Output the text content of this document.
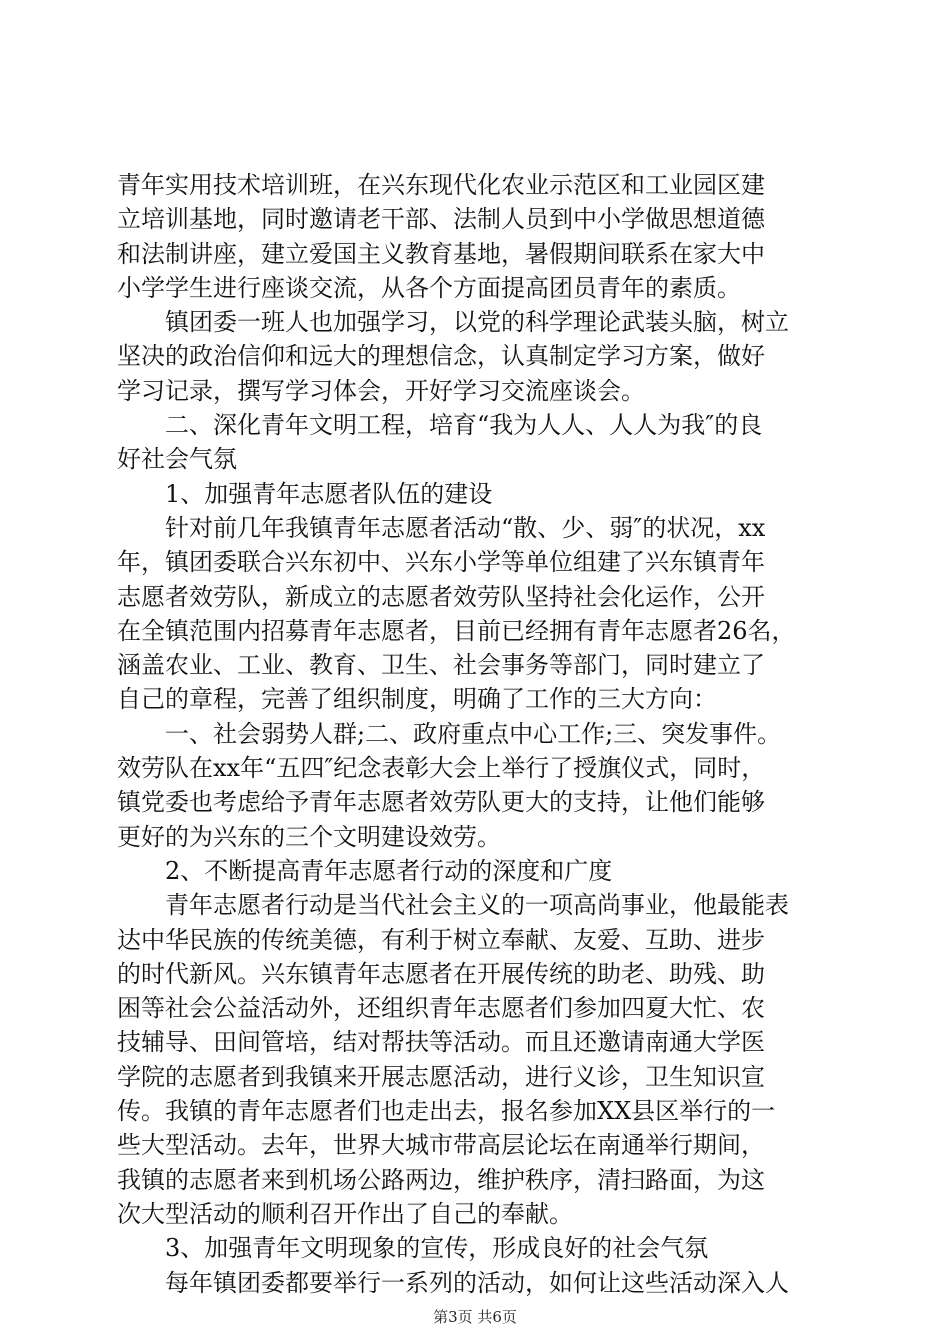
青年实用技术培训班，在兴东现代化农业示范区和工业园区建
立培训基地，同时邀请老干部、法制人员到中小学做思想道德
和法制讲座，建立爱国主义教育基地，暑假期间联系在家大中
小学学生进行座谈交流，从各个方面提高团员青年的素质。
镇团委一班人也加强学习，以党的科学理论武装头脑，树立
坚决的政治信仰和远大的理想信念，认真制定学习方案，做好
学习记录，撰写学习体会，开好学习交流座谈会。
二、深化青年文明工程，培育“我为人人、人人为我″的良
好社会气氛
1、加强青年志愿者队伍的建设
针对前几年我镇青年志愿者活动“散、少、弱″的状况，xx
年，镇团委联合兴东初中、兴东小学等单位组建了兴东镇青年
志愿者效劳队，新成立的志愿者效劳队坚持社会化运作，公开
在全镇范围内招募青年志愿者，目前已经拥有青年志愿者26名，
涵盖农业、工业、教育、卫生、社会事务等部门，同时建立了
自己的章程，完善了组织制度，明确了工作的三大方向：
一、社会弱势人群;二、政府重点中心工作;三、突发事件。
效劳队在xx年“五四″纪念表彰大会上举行了授旗仪式，同时，
镇党委也考虑给予青年志愿者效劳队更大的支持，让他们能够
更好的为兴东的三个文明建设效劳。
2、不断提高青年志愿者行动的深度和广度
青年志愿者行动是当代社会主义的一项高尚事业，他最能表
达中华民族的传统美德，有利于树立奉献、友爱、互助、进步
的时代新风。兴东镇青年志愿者在开展传统的助老、助残、助
困等社会公益活动外，还组织青年志愿者们参加四夏大忙、农
技辅导、田间管培，结对帮扶等活动。而且还邀请南通大学医
学院的志愿者到我镇来开展志愿活动，进行义诊，卫生知识宣
传。我镇的青年志愿者们也走出去，报名参加XX县区举行的一
些大型活动。去年，世界大城市带高层论坛在南通举行期间，
我镇的志愿者来到机场公路两边，维护秩序，清扫路面，为这
次大型活动的顺利召开作出了自己的奉献。
3、加强青年文明现象的宣传，形成良好的社会气氛
每年镇团委都要举行一系列的活动，如何让这些活动深入人
第3页 共6页
